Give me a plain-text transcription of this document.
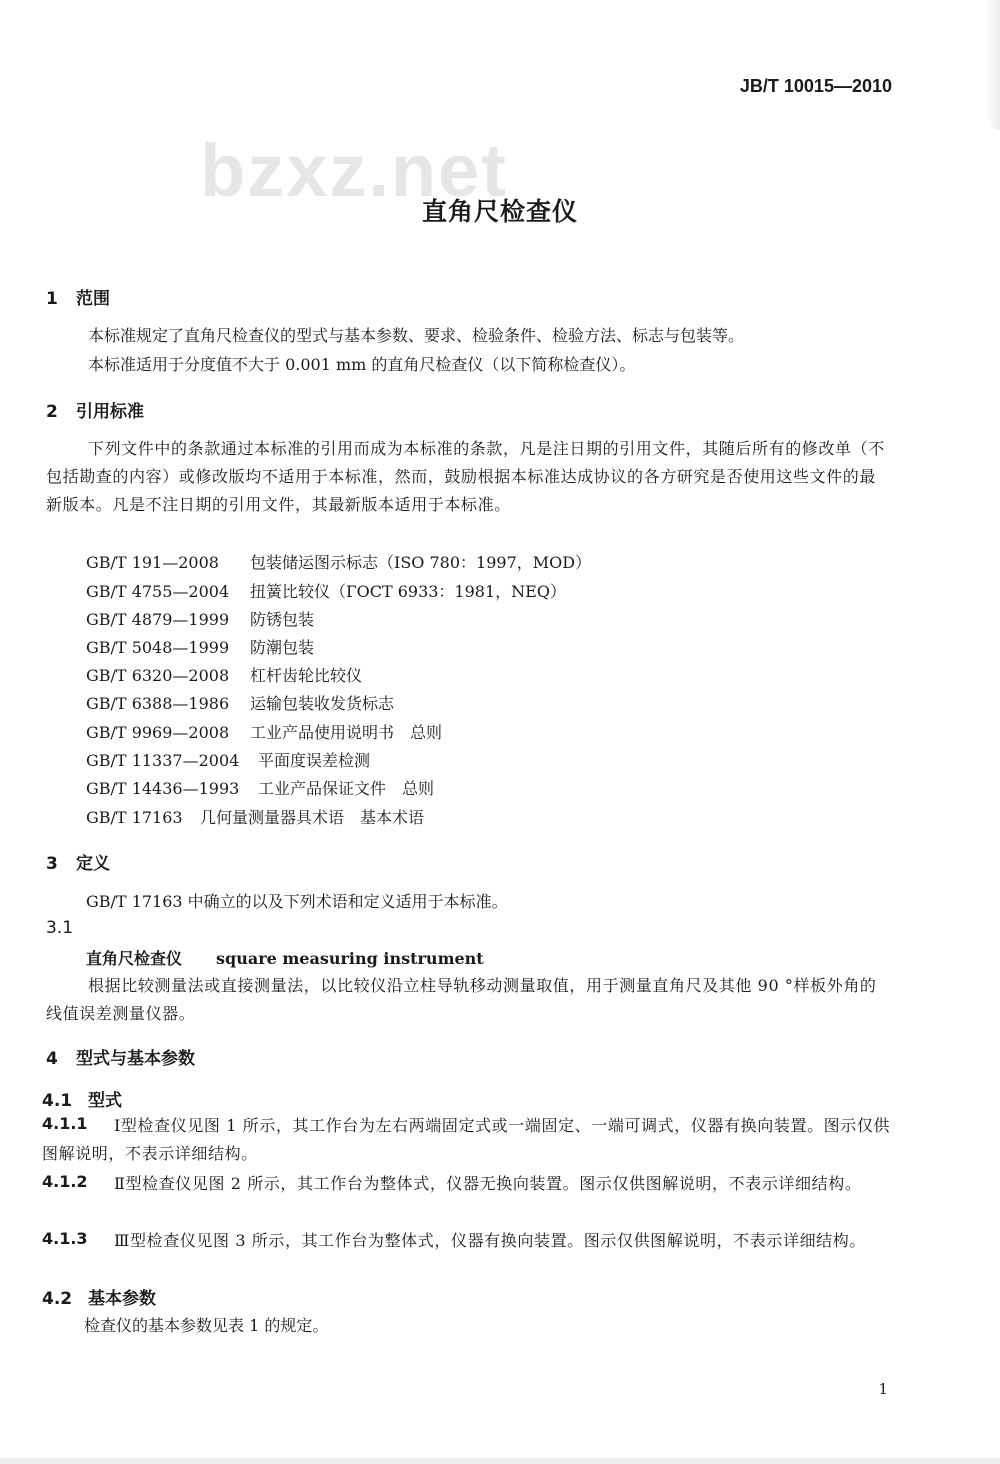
JB/T 10015—2010
bzxz.net
直角尺检查仪
1 范围
本标准规定了直角尺检查仪的型式与基本参数、要求、检验条件、检验方法、标志与包装等。
本标准适用于分度值不大于 0.001 mm 的直角尺检查仪（以下简称检查仪）。
2 引用标准
下列文件中的条款通过本标准的引用而成为本标准的条款，凡是注日期的引用文件，其随后所有的修改单（不包括勘查的内容）或修改版均不适用于本标准，然而，鼓励根据本标准达成协议的各方研究是否使用这些文件的最新版本。凡是不注日期的引用文件，其最新版本适用于本标准。
GB/T 191—2008 包装储运图示标志（ISO 780：1997，MOD）
GB/T 4755—2004 扭簧比较仪（ГOCT 6933：1981，NEQ）
GB/T 4879—1999 防锈包装
GB/T 5048—1999 防潮包装
GB/T 6320—2008 杠杆齿轮比较仪
GB/T 6388—1986 运输包装收发货标志
GB/T 9969—2008 工业产品使用说明书　总则
GB/T 11337—2004 平面度误差检测
GB/T 14436—1993 工业产品保证文件　总则
GB/T 17163 几何量测量器具术语　基本术语
3 定义
GB/T 17163 中确立的以及下列术语和定义适用于本标准。
3.1
直角尺检查仪 square measuring instrument
根据比较测量法或直接测量法，以比较仪沿立柱导轨移动测量取值，用于测量直角尺及其他 90 °样板外角的线值误差测量仪器。
4 型式与基本参数
4.1 型式
4.1.1	Ⅰ型检查仪见图 1 所示，其工作台为左右两端固定式或一端固定、一端可调式，仪器有换向装置。图示仅供图解说明，不表示详细结构。
4.1.2	Ⅱ型检查仪见图 2 所示，其工作台为整体式，仪器无换向装置。图示仅供图解说明，不表示详细结构。
4.1.3	Ⅲ型检查仪见图 3 所示，其工作台为整体式，仪器有换向装置。图示仅供图解说明，不表示详细结构。
4.2 基本参数
检查仪的基本参数见表 1 的规定。
1
